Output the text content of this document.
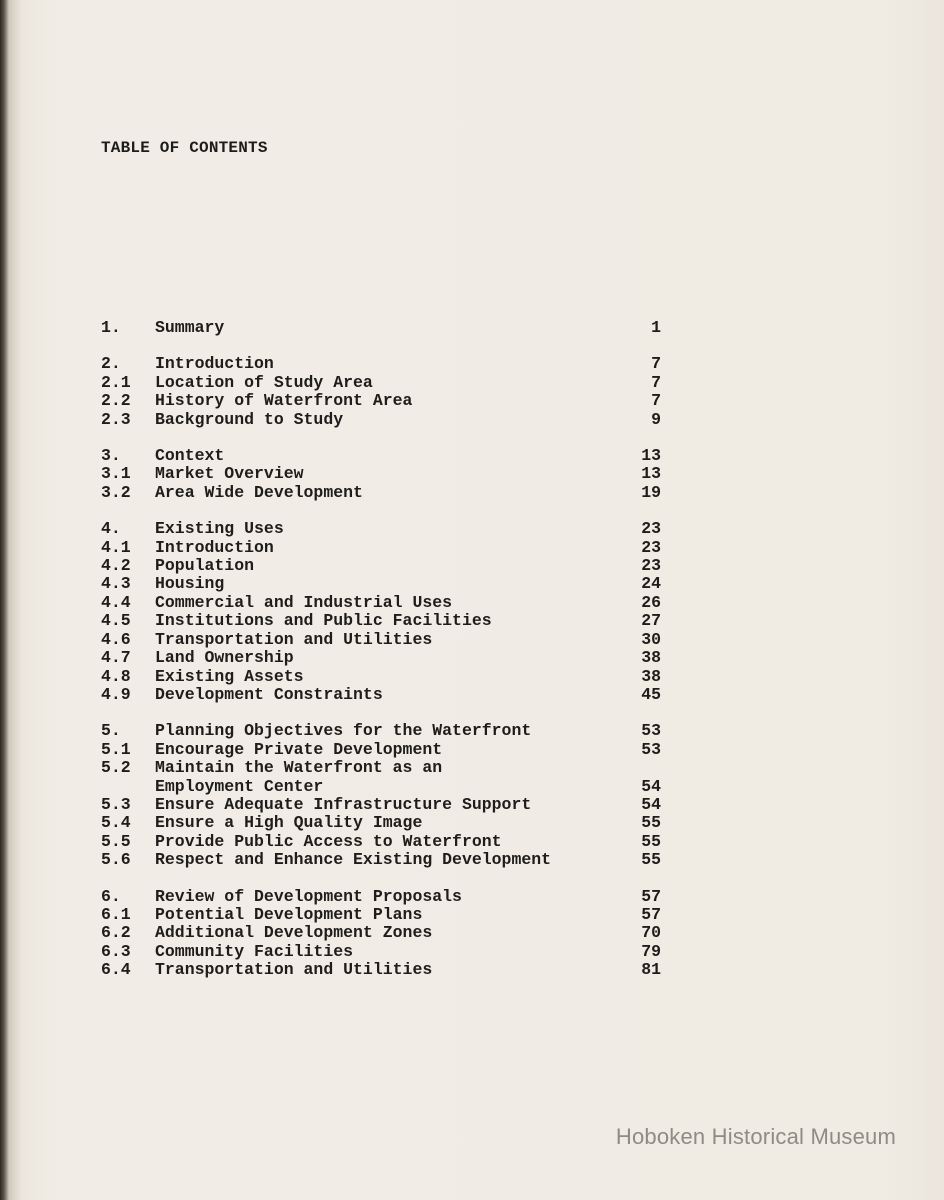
TABLE OF CONTENTS
1.	Summary	1
2.	Introduction	7
2.1	Location of Study Area	7
2.2	History of Waterfront Area	7
2.3	Background to Study	9
3.	Context	13
3.1	Market Overview	13
3.2	Area Wide Development	19
4.	Existing Uses	23
4.1	Introduction	23
4.2	Population	23
4.3	Housing	24
4.4	Commercial and Industrial Uses	26
4.5	Institutions and Public Facilities	27
4.6	Transportation and Utilities	30
4.7	Land Ownership	38
4.8	Existing Assets	38
4.9	Development Constraints	45
5.	Planning Objectives for the Waterfront	53
5.1	Encourage Private Development	53
5.2	Maintain the Waterfront as an
Employment Center	54
5.3	Ensure Adequate Infrastructure Support	54
5.4	Ensure a High Quality Image	55
5.5	Provide Public Access to Waterfront	55
5.6	Respect and Enhance Existing Development	55
6.	Review of Development Proposals	57
6.1	Potential Development Plans	57
6.2	Additional Development Zones	70
6.3	Community Facilities	79
6.4	Transportation and Utilities	81
Hoboken Historical Museum
